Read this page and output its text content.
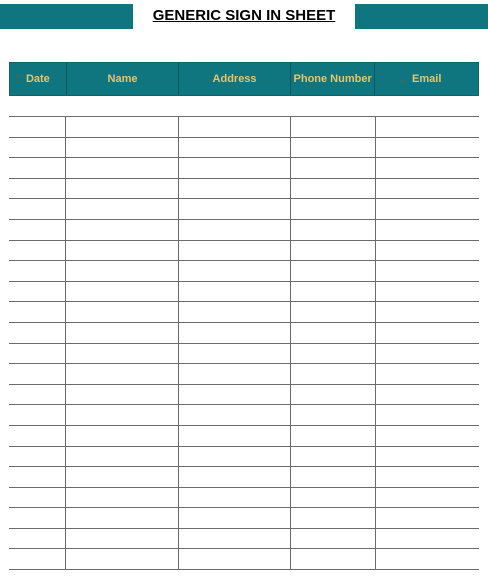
GENERIC SIGN IN SHEET
Date	Name	Address	Phone Number	Email
